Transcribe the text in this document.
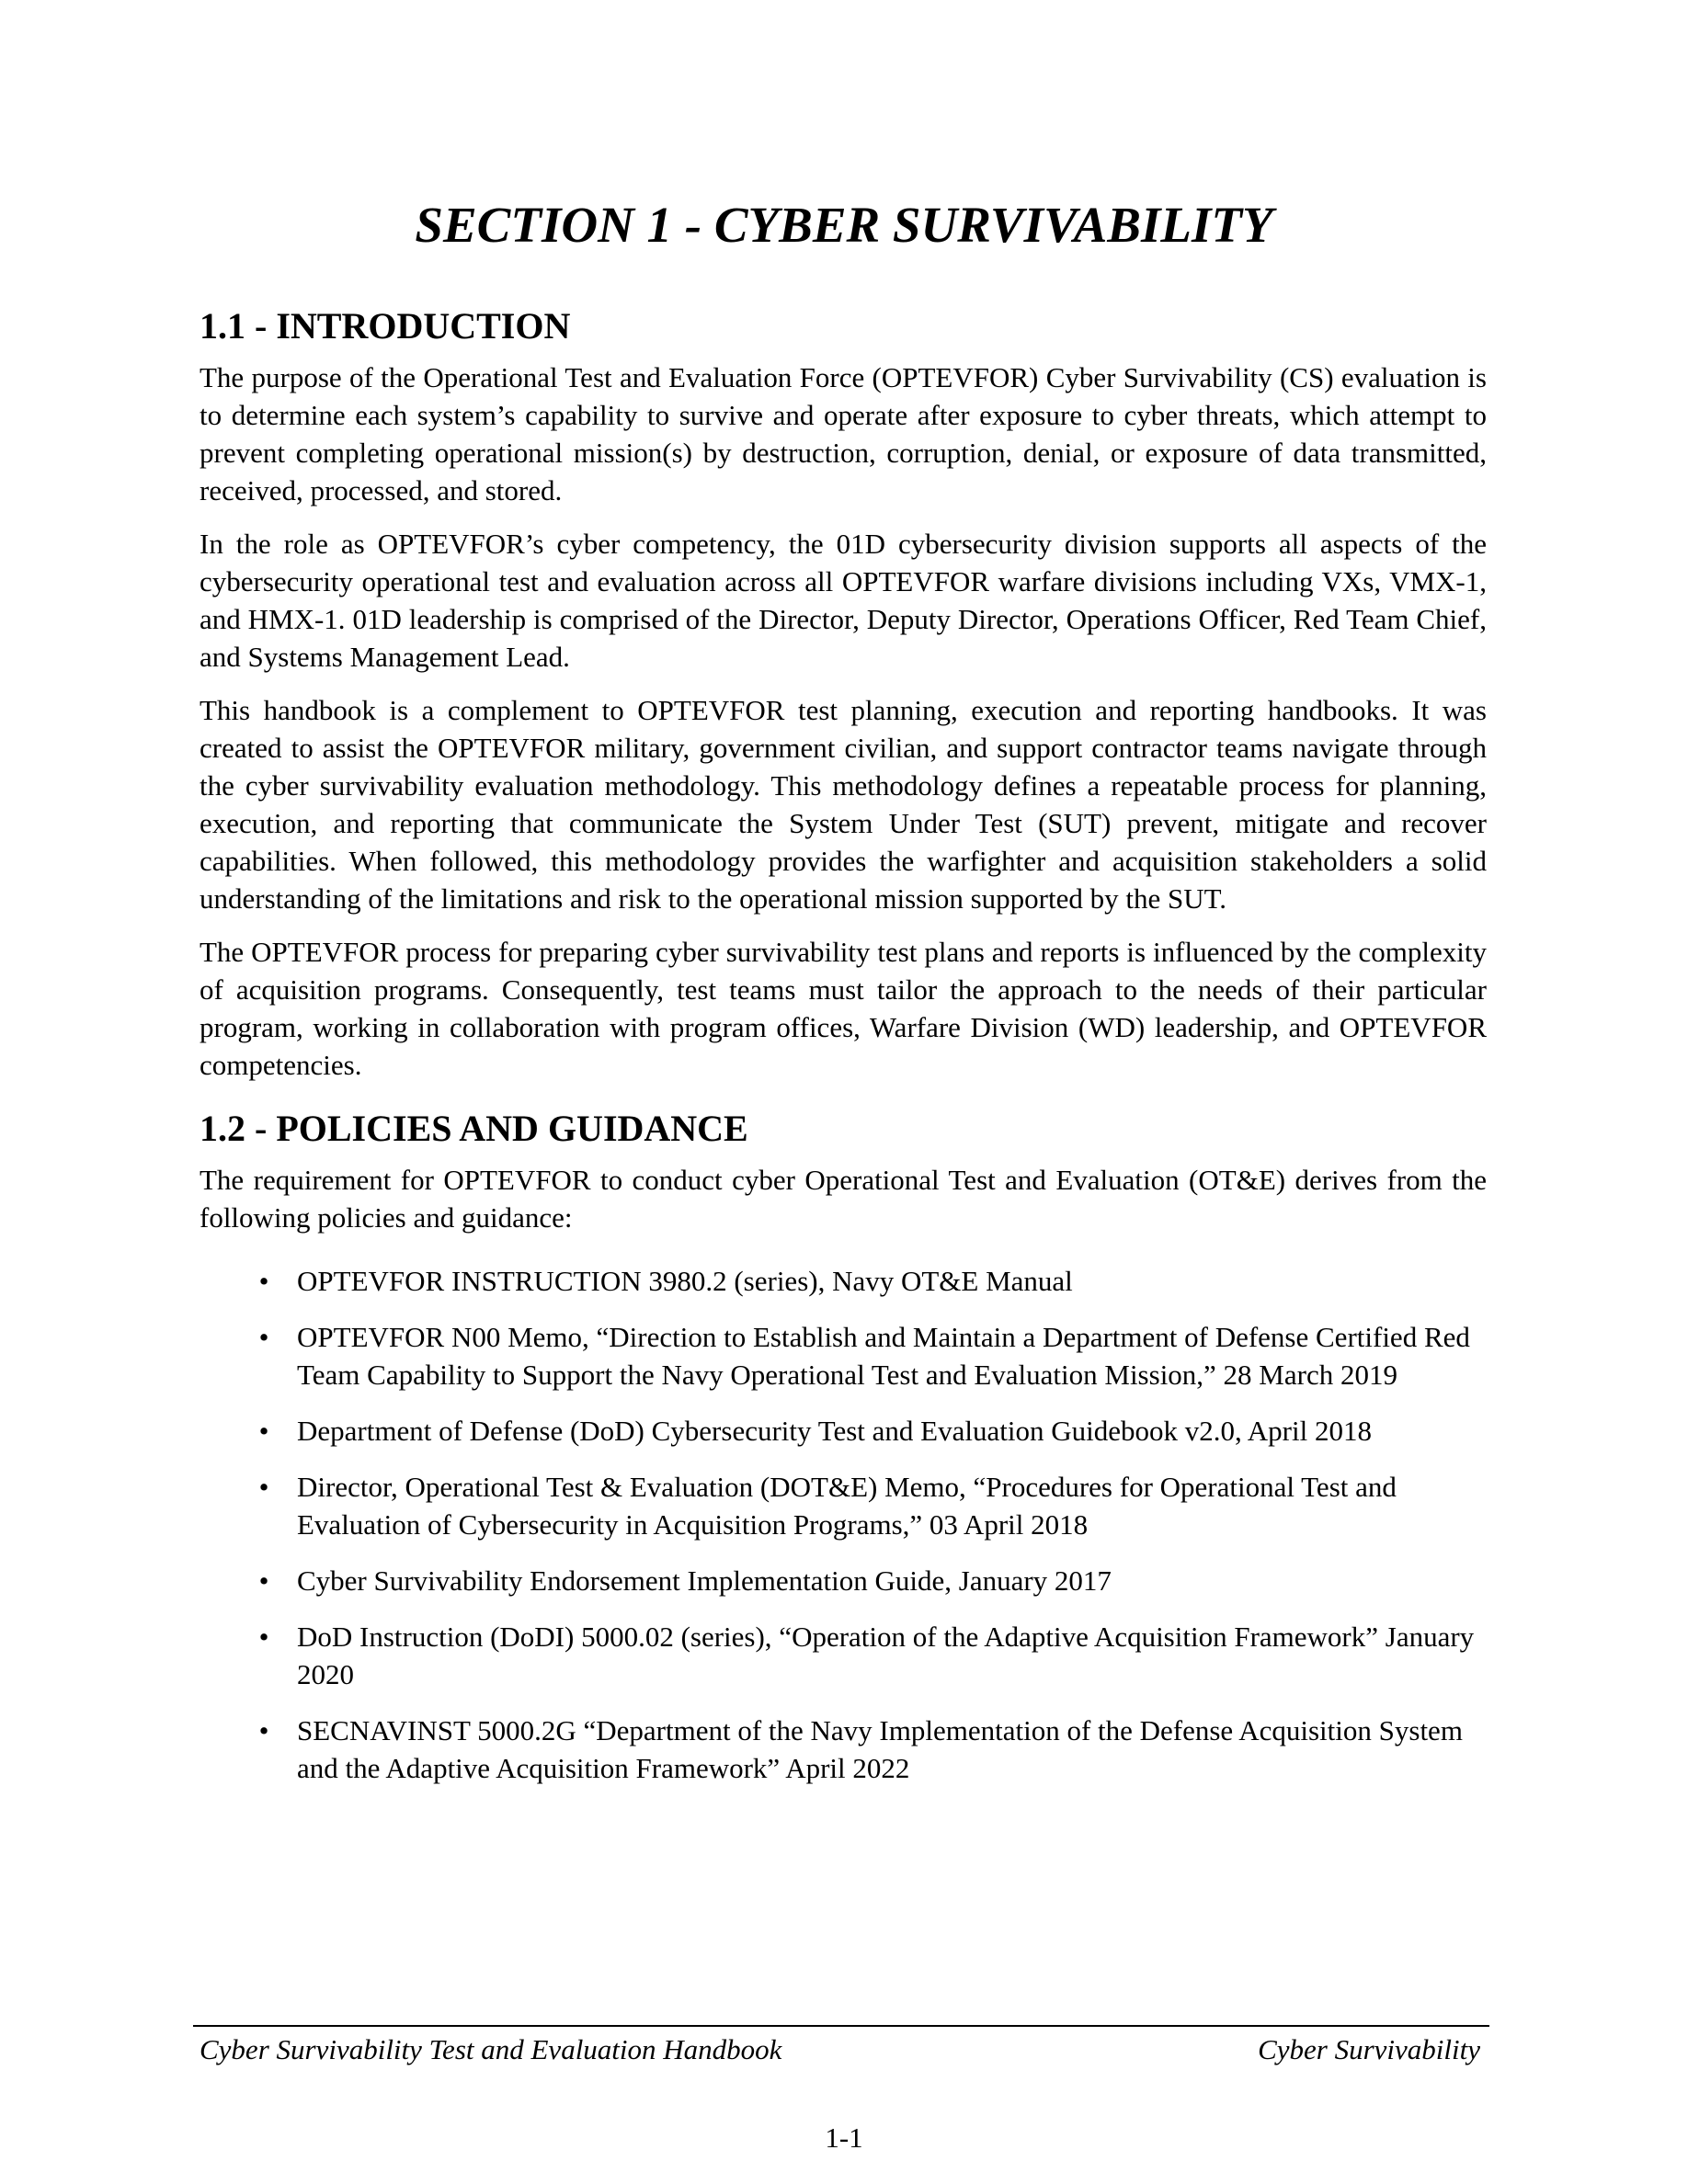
SECTION 1 - CYBER SURVIVABILITY
1.1 - INTRODUCTION

The purpose of the Operational Test and Evaluation Force (OPTEVFOR) Cyber Survivability (CS) evaluation is to determine each system’s capability to survive and operate after exposure to cyber threats, which attempt to prevent completing operational mission(s) by destruction, corruption, denial, or exposure of data transmitted, received, processed, and stored.

In the role as OPTEVFOR’s cyber competency, the 01D cybersecurity division supports all aspects of the cybersecurity operational test and evaluation across all OPTEVFOR warfare divisions including VXs, VMX-1, and HMX-1. 01D leadership is comprised of the Director, Deputy Director, Operations Officer, Red Team Chief, and Systems Management Lead.

This handbook is a complement to OPTEVFOR test planning, execution and reporting handbooks. It was created to assist the OPTEVFOR military, government civilian, and support contractor teams navigate through the cyber survivability evaluation methodology. This methodology defines a repeatable process for planning, execution, and reporting that communicate the System Under Test (SUT) prevent, mitigate and recover capabilities. When followed, this methodology provides the warfighter and acquisition stakeholders a solid understanding of the limitations and risk to the operational mission supported by the SUT.

The OPTEVFOR process for preparing cyber survivability test plans and reports is influenced by the complexity of acquisition programs. Consequently, test teams must tailor the approach to the needs of their particular program, working in collaboration with program offices, Warfare Division (WD) leadership, and OPTEVFOR competencies.

1.2 - POLICIES AND GUIDANCE

The requirement for OPTEVFOR to conduct cyber Operational Test and Evaluation (OT&E) derives from the following policies and guidance:

• OPTEVFOR INSTRUCTION 3980.2 (series), Navy OT&E Manual
• OPTEVFOR N00 Memo, “Direction to Establish and Maintain a Department of Defense Certified Red Team Capability to Support the Navy Operational Test and Evaluation Mission,” 28 March 2019
• Department of Defense (DoD) Cybersecurity Test and Evaluation Guidebook v2.0, April 2018
• Director, Operational Test & Evaluation (DOT&E) Memo, “Procedures for Operational Test and Evaluation of Cybersecurity in Acquisition Programs,” 03 April 2018
• Cyber Survivability Endorsement Implementation Guide, January 2017
• DoD Instruction (DoDI) 5000.02 (series), “Operation of the Adaptive Acquisition Framework” January 2020
• SECNAVINST 5000.2G “Department of the Navy Implementation of the Defense Acquisition System and the Adaptive Acquisition Framework” April 2022
Cyber Survivability Test and Evaluation Handbook	Cyber Survivability
1-1
